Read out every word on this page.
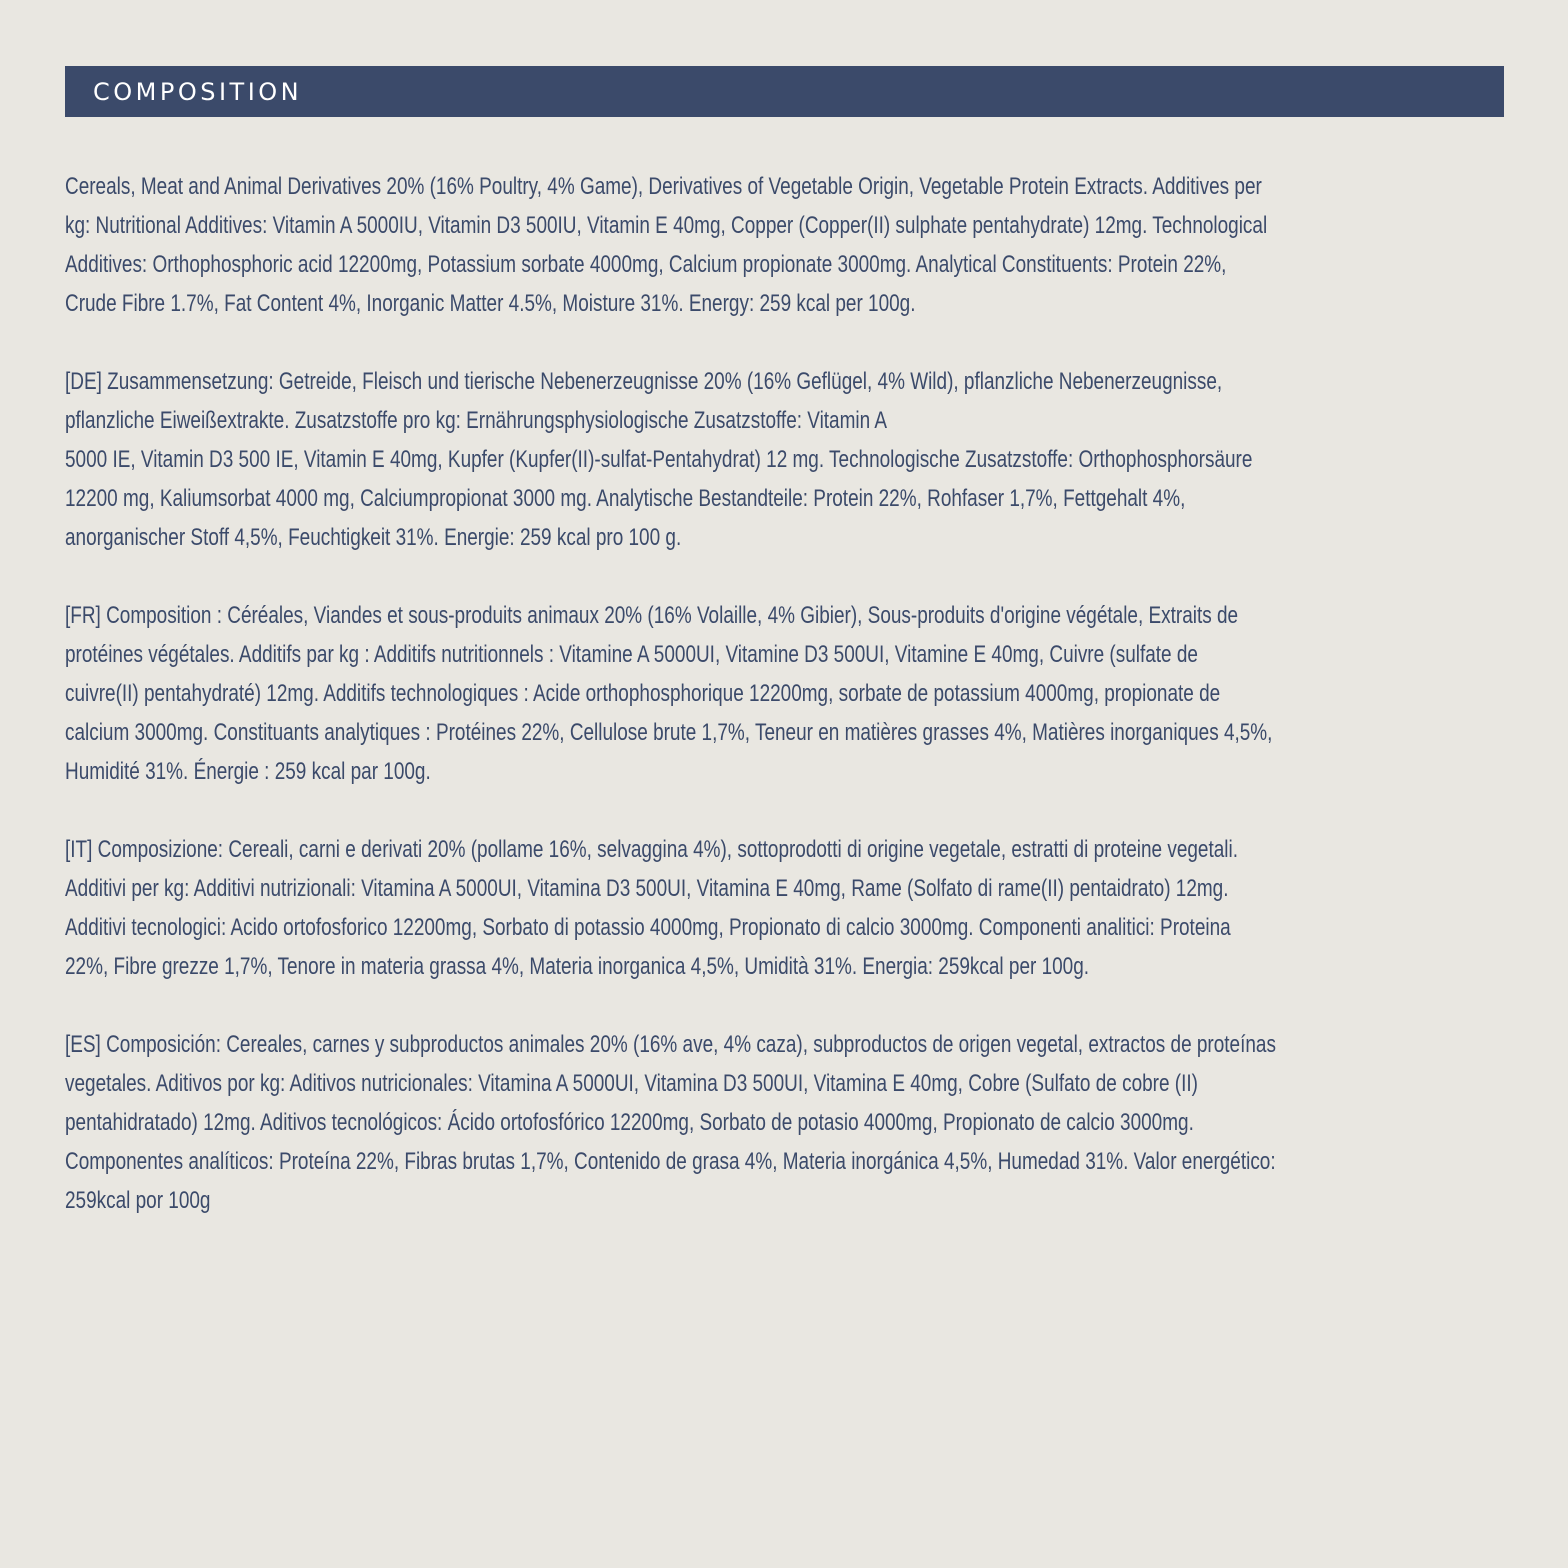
COMPOSITION

Cereals, Meat and Animal Derivatives 20% (16% Poultry, 4% Game), Derivatives of Vegetable Origin, Vegetable Protein Extracts. Additives per
kg: Nutritional Additives: Vitamin A 5000IU, Vitamin D3 500IU, Vitamin E 40mg, Copper (Copper(II) sulphate pentahydrate) 12mg. Technological
Additives: Orthophosphoric acid 12200mg, Potassium sorbate 4000mg, Calcium propionate 3000mg. Analytical Constituents: Protein 22%,
Crude Fibre 1.7%, Fat Content 4%, Inorganic Matter 4.5%, Moisture 31%. Energy: 259 kcal per 100g.

[DE] Zusammensetzung: Getreide, Fleisch und tierische Nebenerzeugnisse 20% (16% Geflügel, 4% Wild), pflanzliche Nebenerzeugnisse,
pflanzliche Eiweißextrakte. Zusatzstoffe pro kg: Ernährungsphysiologische Zusatzstoffe: Vitamin A
5000 IE, Vitamin D3 500 IE, Vitamin E 40mg, Kupfer (Kupfer(II)-sulfat-Pentahydrat) 12 mg. Technologische Zusatzstoffe: Orthophosphorsäure
12200 mg, Kaliumsorbat 4000 mg, Calciumpropionat 3000 mg. Analytische Bestandteile: Protein 22%, Rohfaser 1,7%, Fettgehalt 4%,
anorganischer Stoff 4,5%, Feuchtigkeit 31%. Energie: 259 kcal pro 100 g.

[FR] Composition : Céréales, Viandes et sous-produits animaux 20% (16% Volaille, 4% Gibier), Sous-produits d'origine végétale, Extraits de
protéines végétales. Additifs par kg : Additifs nutritionnels : Vitamine A 5000UI, Vitamine D3 500UI, Vitamine E 40mg, Cuivre (sulfate de
cuivre(II) pentahydraté) 12mg. Additifs technologiques : Acide orthophosphorique 12200mg, sorbate de potassium 4000mg, propionate de
calcium 3000mg. Constituants analytiques : Protéines 22%, Cellulose brute 1,7%, Teneur en matières grasses 4%, Matières inorganiques 4,5%,
Humidité 31%. Énergie : 259 kcal par 100g.

[IT] Composizione: Cereali, carni e derivati 20% (pollame 16%, selvaggina 4%), sottoprodotti di origine vegetale, estratti di proteine vegetali.
Additivi per kg: Additivi nutrizionali: Vitamina A 5000UI, Vitamina D3 500UI, Vitamina E 40mg, Rame (Solfato di rame(II) pentaidrato) 12mg.
Additivi tecnologici: Acido ortofosforico 12200mg, Sorbato di potassio 4000mg, Propionato di calcio 3000mg. Componenti analitici: Proteina
22%, Fibre grezze 1,7%, Tenore in materia grassa 4%, Materia inorganica 4,5%, Umidità 31%. Energia: 259kcal per 100g.

[ES] Composición: Cereales, carnes y subproductos animales 20% (16% ave, 4% caza), subproductos de origen vegetal, extractos de proteínas
vegetales. Aditivos por kg: Aditivos nutricionales: Vitamina A 5000UI, Vitamina D3 500UI, Vitamina E 40mg, Cobre (Sulfato de cobre (II)
pentahidratado) 12mg. Aditivos tecnológicos: Ácido ortofosfórico 12200mg, Sorbato de potasio 4000mg, Propionato de calcio 3000mg.
Componentes analíticos: Proteína 22%, Fibras brutas 1,7%, Contenido de grasa 4%, Materia inorgánica 4,5%, Humedad 31%. Valor energético:
259kcal por 100g
